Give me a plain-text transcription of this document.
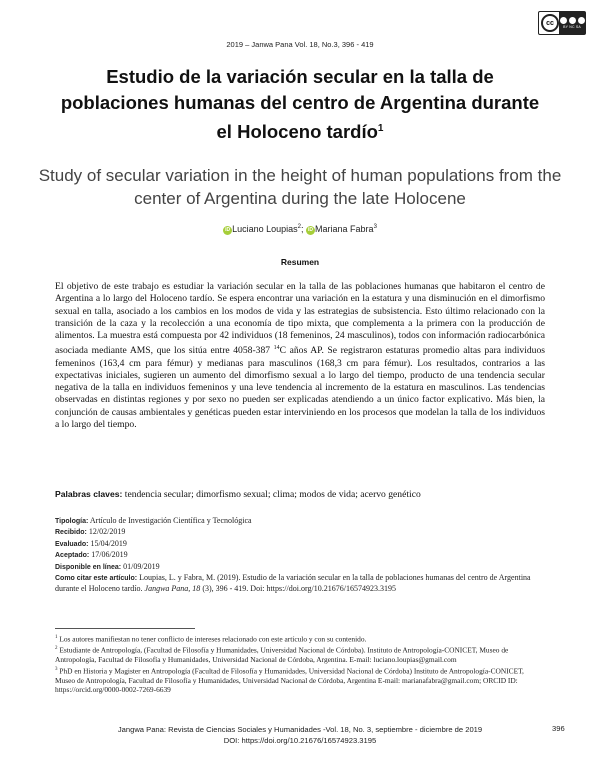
cc
BY NC SA
2019 – Janwa Pana Vol. 18, No.3, 396 - 419
Estudio de la variación secular en la talla de poblaciones humanas del centro de Argentina durante el Holoceno tardío$^1$
Study of secular variation in the height of human populations from the center of Argentina during the late Holocene
iD Luciano Loupias$^2$; iD Mariana Fabra$^3$
Resumen
El objetivo de este trabajo es estudiar la variación secular en la talla de las poblaciones humanas que habitaron el centro de Argentina a lo largo del Holoceno tardío. Se espera encontrar una variación en la estatura y una disminución en el dimorfismo sexual en talla, asociado a los cambios en los modos de vida y las estrategias de subsistencia. Esto último relacionado con la transición de la caza y la recolección a una economía de tipo mixta, que complementa a la primera con la producción de alimentos. La muestra está compuesta por 42 individuos (18 femeninos, 24 masculinos), todos con información radiocarbónica asociada mediante AMS, que los sitúa entre 4058-387 $^{14}$C años AP. Se registraron estaturas promedio altas para individuos femeninos (163,4 cm para fémur) y medianas para masculinos (168,3 cm para fémur). Los resultados, contrarios a las expectativas iniciales, sugieren un aumento del dimorfismo sexual a lo largo del tiempo, producto de una tendencia secular negativa de la talla en individuos femeninos y una leve tendencia al incremento de la estatura en masculinos. Las tendencias observadas en distintas regiones y por sexo no pueden ser explicadas atendiendo a un único factor explicativo. Más bien, la conjunción de causas ambientales y genéticas pueden estar interviniendo en los procesos que modelan la talla de los individuos a lo largo del tiempo.
Palabras claves: tendencia secular; dimorfismo sexual; clima; modos de vida; acervo genético
Tipología: Artículo de Investigación Científica y Tecnológica
Recibido: 12/02/2019
Evaluado: 15/04/2019
Aceptado: 17/06/2019
Disponible en línea: 01/09/2019
Como citar este artículo: Loupias, L. y Fabra, M. (2019). Estudio de la variación secular en la talla de poblaciones humanas del centro de Argentina durante el Holoceno tardío. Jangwa Pana, 18 (3), 396 - 419. Doi: https://doi.org/10.21676/16574923.3195
$^1$ Los autores manifiestan no tener conflicto de intereses relacionado con este artículo y con su contenido.
$^2$ Estudiante de Antropología, (Facultad de Filosofía y Humanidades, Universidad Nacional de Córdoba). Instituto de Antropología-CONICET, Museo de Antropología, Facultad de Filosofía y Humanidades, Universidad Nacional de Córdoba, Argentina. E-mail: luciano.loupias@gmail.com
$^3$ PhD en Historia y Magister en Antropología (Facultad de Filosofía y Humanidades, Universidad Nacional de Córdoba) Instituto de Antropología-CONICET, Museo de Antropología, Facultad de Filosofía y Humanidades, Universidad Nacional de Córdoba, Argentina E-mail: marianafabra@gmail.com; ORCID ID: https://orcid.org/0000-0002-7269-6639
Jangwa Pana: Revista de Ciencias Sociales y Humanidades -Vol. 18, No. 3, septiembre - diciembre de 2019
DOI: https://doi.org/10.21676/16574923.3195
396
